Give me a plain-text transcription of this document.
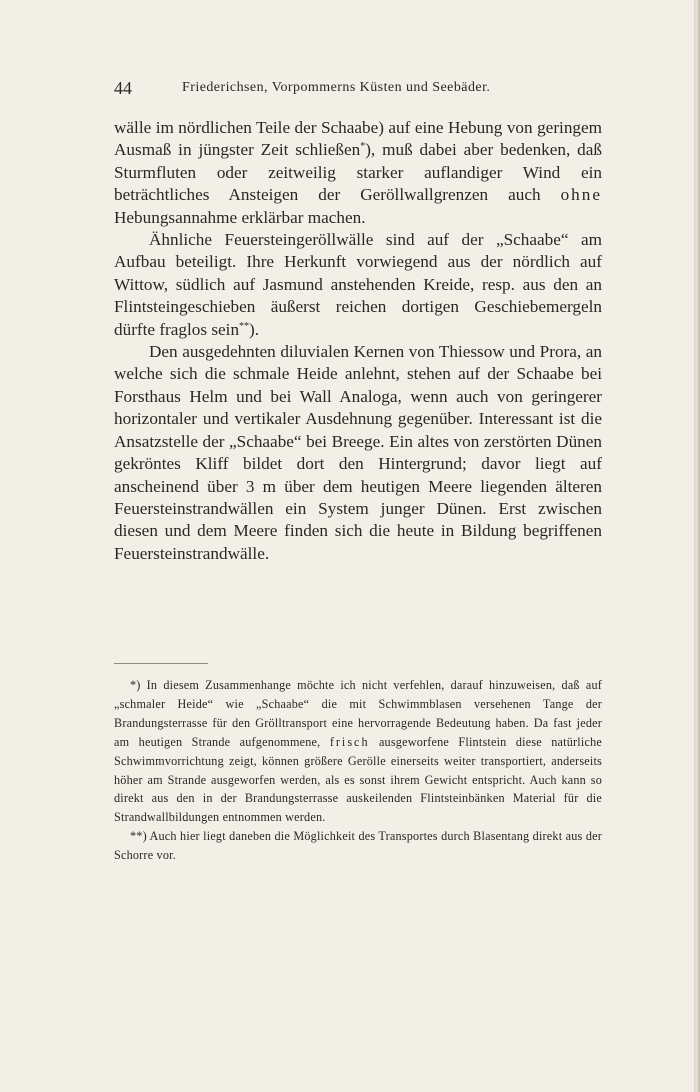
44	Friederichsen, Vorpommerns Küsten und Seebäder.

wälle im nördlichen Teile der Schaabe) auf eine Hebung von geringem Ausmaß in jüngster Zeit schließen*), muß dabei aber bedenken, daß Sturmfluten oder zeitweilig starker auflandiger Wind ein beträchtliches Ansteigen der Geröllwallgrenzen auch ohne Hebungsannahme erklärbar machen.

Ähnliche Feuersteingeröllwälle sind auf der „Schaabe“ am Aufbau beteiligt. Ihre Herkunft vorwiegend aus der nördlich auf Wittow, südlich auf Jasmund anstehenden Kreide, resp. aus den an Flintsteingeschieben äußerst reichen dortigen Geschiebemergeln dürfte fraglos sein**).

Den ausgedehnten diluvialen Kernen von Thiessow und Prora, an welche sich die schmale Heide anlehnt, stehen auf der Schaabe bei Forsthaus Helm und bei Wall Analoga, wenn auch von geringerer horizontaler und vertikaler Ausdehnung gegenüber. Interessant ist die Ansatzstelle der „Schaabe“ bei Breege. Ein altes von zerstörten Dünen gekröntes Kliff bildet dort den Hintergrund; davor liegt auf anscheinend über 3 m über dem heutigen Meere liegenden älteren Feuersteinstrandwällen ein System junger Dünen. Erst zwischen diesen und dem Meere finden sich die heute in Bildung begriffenen Feuersteinstrandwälle.

*) In diesem Zusammenhange möchte ich nicht verfehlen, darauf hinzuweisen, daß auf „schmaler Heide“ wie „Schaabe“ die mit Schwimmblasen versehenen Tange der Brandungsterrasse für den Grölltransport eine hervorragende Bedeutung haben. Da fast jeder am heutigen Strande aufgenommene, frisch ausgeworfene Flintstein diese natürliche Schwimmvorrichtung zeigt, können größere Gerölle einerseits weiter transportiert, anderseits höher am Strande ausgeworfen werden, als es sonst ihrem Gewicht entspricht. Auch kann so direkt aus den in der Brandungsterrasse auskeilenden Flintsteinbänken Material für die Strandwallbildungen entnommen werden.

**) Auch hier liegt daneben die Möglichkeit des Transportes durch Blasentang direkt aus der Schorre vor.
